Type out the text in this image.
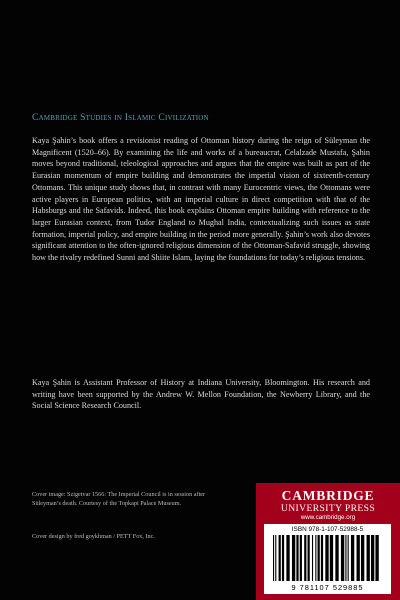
Cambridge Studies in Islamic Civilization

Kaya Şahin’s book offers a revisionist reading of Ottoman history during the reign of Süleyman the Magnificent (1520–66). By examining the life and works of a bureaucrat, Celalzade Mustafa, Şahin moves beyond traditional, teleological approaches and argues that the empire was built as part of the Eurasian momentum of empire building and demonstrates the imperial vision of sixteenth-century Ottomans. This unique study shows that, in contrast with many Eurocentric views, the Ottomans were active players in European politics, with an imperial culture in direct competition with that of the Habsburgs and the Safavids. Indeed, this book explains Ottoman empire building with reference to the larger Eurasian context, from Tudor England to Mughal India, contextualizing such issues as state formation, imperial policy, and empire building in the period more generally. Şahin’s work also devotes significant attention to the often-ignored religious dimension of the Ottoman-Safavid struggle, showing how the rivalry redefined Sunni and Shiite Islam, laying the foundations for today’s religious tensions.

Kaya Şahin is Assistant Professor of History at Indiana University, Bloomington. His research and writing have been supported by the Andrew W. Mellon Foundation, the Newberry Library, and the Social Science Research Council.

Cover image: Szigetvar 1566: The Imperial Council is in session after Süleyman’s death. Courtesy of the Topkapi Palace Museum.

Cover design by fred goykhman / PETT Fox, Inc.

CAMBRIDGE
UNIVERSITY PRESS
www.cambridge.org
ISBN 978-1-107-52988-5
9 781107 529885
